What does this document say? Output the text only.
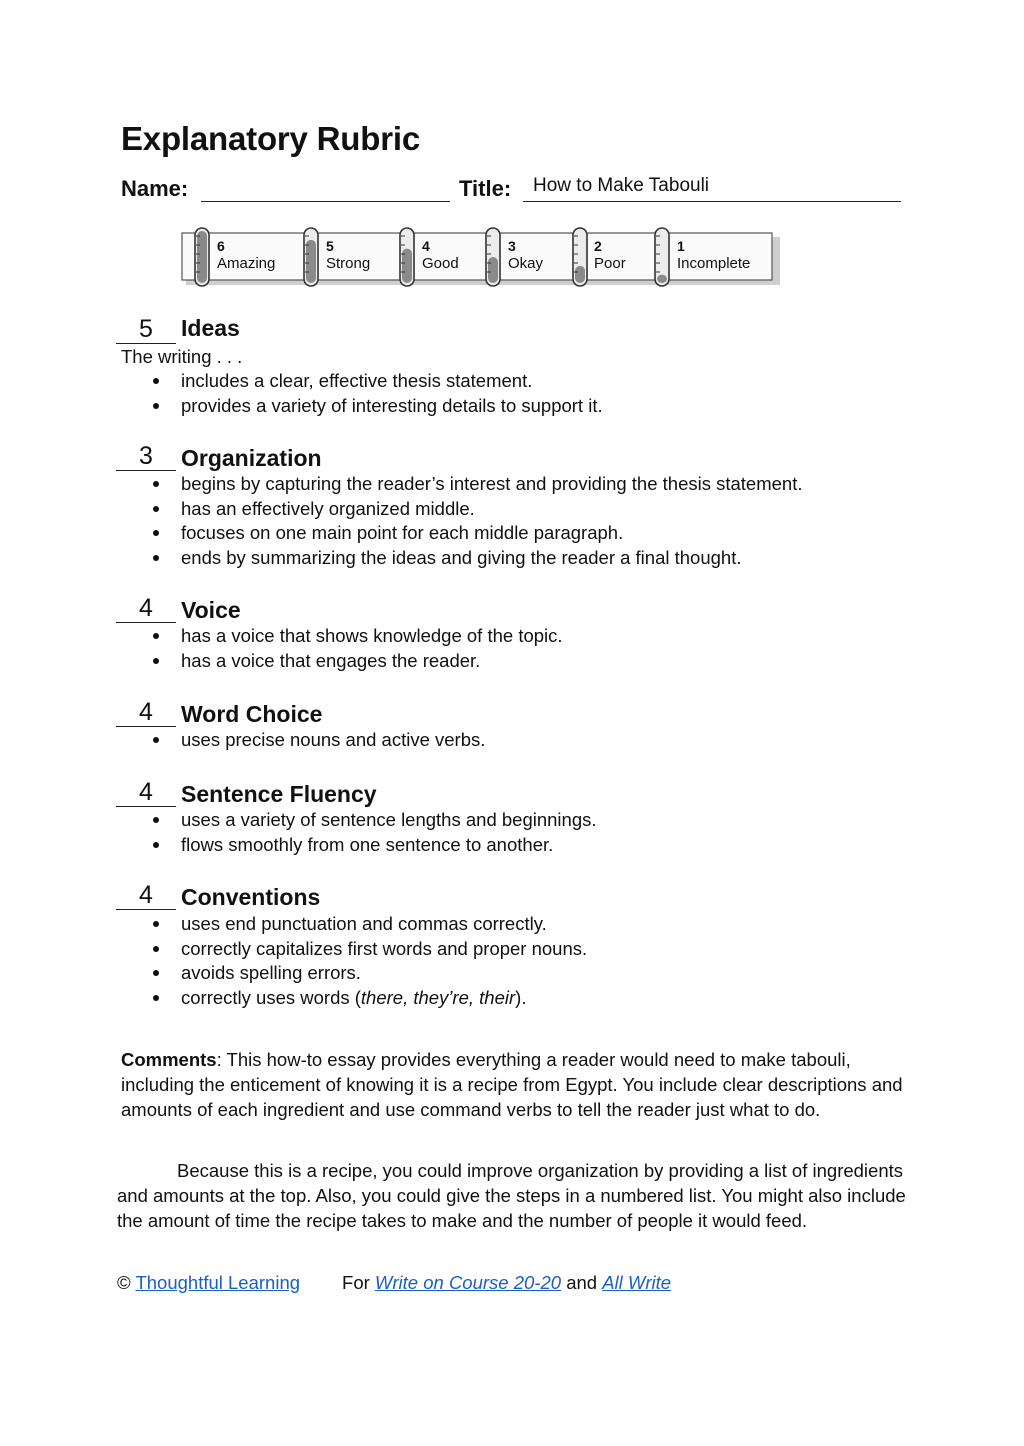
Explanatory Rubric
Name:	Title: How to Make Tabouli
6
Amazing
5
Strong
4
Good
3
Okay
2
Poor
1
Incomplete
5	Ideas
The writing . . .
includes a clear, effective thesis statement.
provides a variety of interesting details to support it.
3	Organization
begins by capturing the reader’s interest and providing the thesis statement.
has an effectively organized middle.
focuses on one main point for each middle paragraph.
ends by summarizing the ideas and giving the reader a final thought.
4	Voice
has a voice that shows knowledge of the topic.
has a voice that engages the reader.
4	Word Choice
uses precise nouns and active verbs.
4	Sentence Fluency
uses a variety of sentence lengths and beginnings.
flows smoothly from one sentence to another.
4	Conventions
uses end punctuation and commas correctly.
correctly capitalizes first words and proper nouns.
avoids spelling errors.
correctly uses words (there, they’re, their).
Comments: This how-to essay provides everything a reader would need to make tabouli, including the enticement of knowing it is a recipe from Egypt. You include clear descriptions and amounts of each ingredient and use command verbs to tell the reader just what to do.
Because this is a recipe, you could improve organization by providing a list of ingredients and amounts at the top. Also, you could give the steps in a numbered list. You might also include the amount of time the recipe takes to make and the number of people it would feed.
© Thoughtful Learning For Write on Course 20-20 and All Write
